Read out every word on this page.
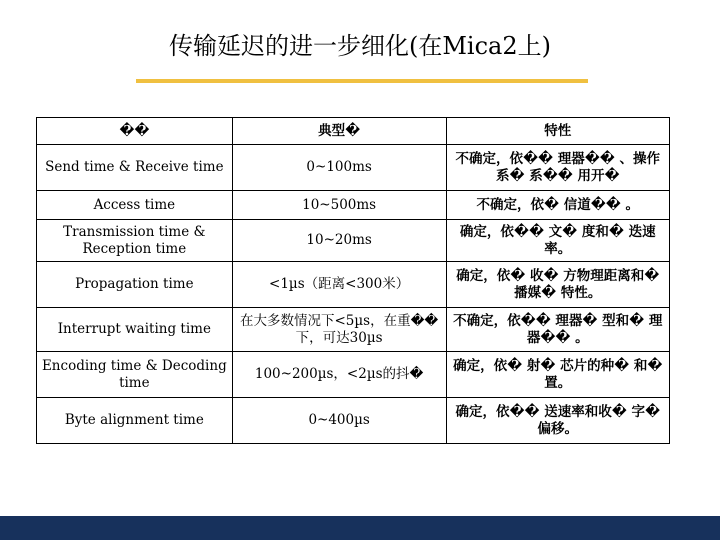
传输延迟的进一步细化(在Mica2上)
��	典型�	特性
Send time & Receive time	0~100ms	不确定，依�� 理器�� 、操作系� 系�� 用开�
Access time	10~500ms	不确定，依� 信道�� 。
Transmission time & Reception time	10~20ms	确定，依�� 文� 度和� 迭速率。
Propagation time	<1µs（距离<300米）	确定，依� 收� 方物理距离和� 播媒� 特性。
Interrupt waiting time	在大多数情况下<5µs，在重�� 下，可达30µs	不确定，依�� 理器� 型和� 理器�� 。
Encoding time & Decoding time	100~200µs，<2µs的抖�	确定，依� 射� 芯片的种� 和� 置。
Byte alignment time	0~400µs	确定，依�� 送速率和收� 字� 偏移。
